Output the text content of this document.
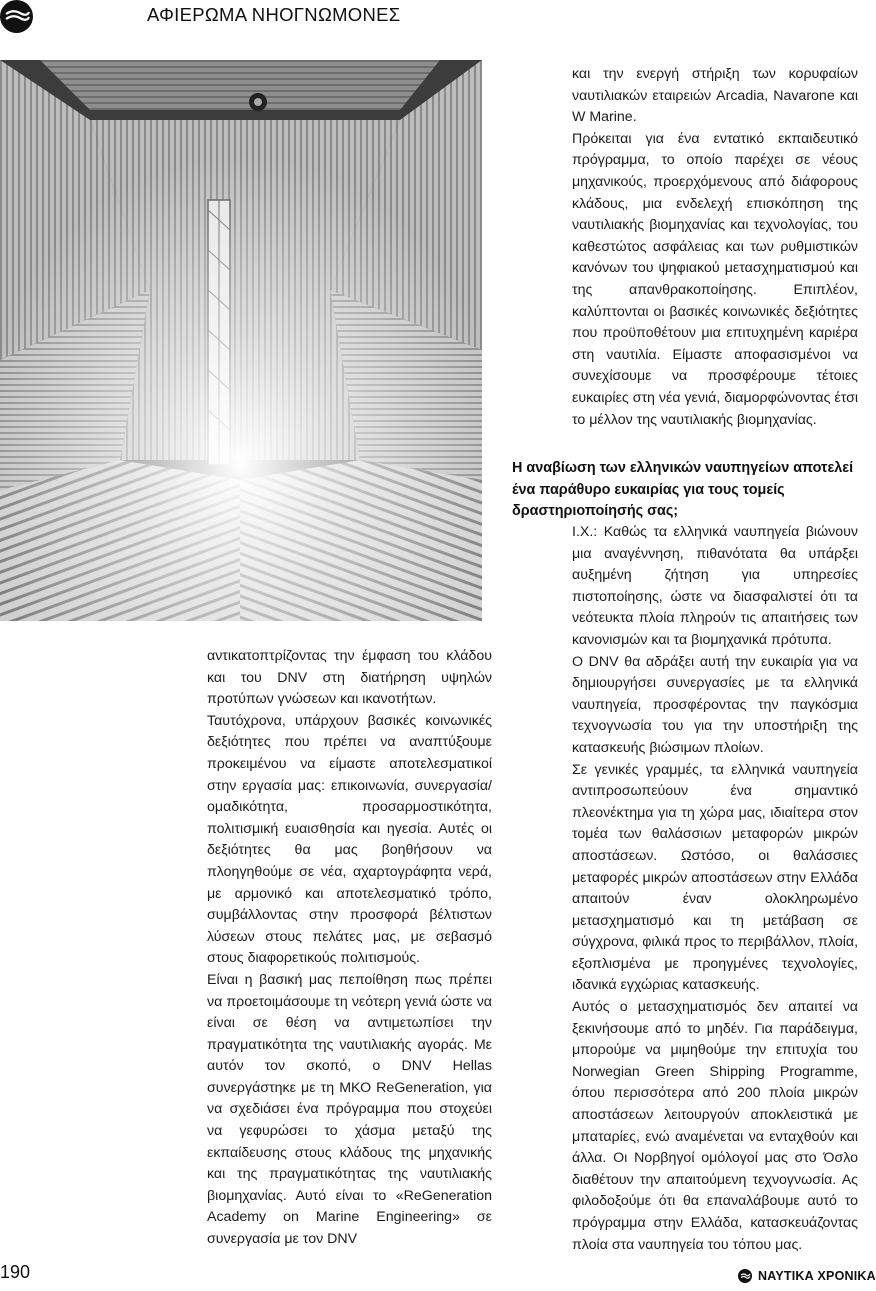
ΑΦΙΕΡΩΜΑ ΝΗΟΓΝΩΜΟΝΕΣ

αντικατοπτρίζοντας την έμφαση του κλάδου και του DNV στη διατήρηση υψηλών προτύπων γνώσεων και ικανοτήτων.

Ταυτόχρονα, υπάρχουν βασικές κοινωνικές δεξιότητες που πρέπει να αναπτύξουμε προκειμένου να είμαστε αποτελεσματικοί στην εργασία μας: επικοινωνία, συνεργασία/ομαδικότητα, προσαρμοστικότητα, πολιτισμική ευαισθησία και ηγεσία. Αυτές οι δεξιότητες θα μας βοηθήσουν να πλοηγηθούμε σε νέα, αχαρτογράφητα νερά, με αρμονικό και αποτελεσματικό τρόπο, συμβάλλοντας στην προσφορά βέλτιστων λύσεων στους πελάτες μας, με σεβασμό στους διαφορετικούς πολιτισμούς.

Είναι η βασική μας πεποίθηση πως πρέπει να προετοιμάσουμε τη νεότερη γενιά ώστε να είναι σε θέση να αντιμετωπίσει την πραγματικότητα της ναυτιλιακής αγοράς. Με αυτόν τον σκοπό, ο DNV Hellas συνεργάστηκε με τη ΜΚΟ ReGeneration, για να σχεδιάσει ένα πρόγραμμα που στοχεύει να γεφυρώσει το χάσμα μεταξύ της εκπαίδευσης στους κλάδους της μηχανικής και της πραγματικότητας της ναυτιλιακής βιομηχανίας. Αυτό είναι το «ReGeneration Academy on Marine Engineering» σε συνεργασία με τον DNV

και την ενεργή στήριξη των κορυφαίων ναυτιλιακών εταιρειών Arcadia, Navarone και W Marine.

Πρόκειται για ένα εντατικό εκπαιδευτικό πρόγραμμα, το οποίο παρέχει σε νέους μηχανικούς, προερχόμενους από διάφορους κλάδους, μια ενδελεχή επισκόπηση της ναυτιλιακής βιομηχανίας και τεχνολογίας, του καθεστώτος ασφάλειας και των ρυθμιστικών κανόνων του ψηφιακού μετασχηματισμού και της απανθρακοποίησης. Επιπλέον, καλύπτονται οι βασικές κοινωνικές δεξιότητες που προϋποθέτουν μια επιτυχημένη καριέρα στη ναυτιλία. Είμαστε αποφασισμένοι να συνεχίσουμε να προσφέρουμε τέτοιες ευκαιρίες στη νέα γενιά, διαμορφώνοντας έτσι το μέλλον της ναυτιλιακής βιομηχανίας.

Η αναβίωση των ελληνικών ναυπηγείων αποτελεί ένα παράθυρο ευκαιρίας για τους τομείς δραστηριοποίησής σας;

Ι.Χ.: Καθώς τα ελληνικά ναυπηγεία βιώνουν μια αναγέννηση, πιθανότατα θα υπάρξει αυξημένη ζήτηση για υπηρεσίες πιστοποίησης, ώστε να διασφαλιστεί ότι τα νεότευκτα πλοία πληρούν τις απαιτήσεις των κανονισμών και τα βιομηχανικά πρότυπα.

Ο DNV θα αδράξει αυτή την ευκαιρία για να δημιουργήσει συνεργασίες με τα ελληνικά ναυπηγεία, προσφέροντας την παγκόσμια τεχνογνωσία του για την υποστήριξη της κατασκευής βιώσιμων πλοίων.

Σε γενικές γραμμές, τα ελληνικά ναυπηγεία αντιπροσωπεύουν ένα σημαντικό πλεονέκτημα για τη χώρα μας, ιδιαίτερα στον τομέα των θαλάσσιων μεταφορών μικρών αποστάσεων. Ωστόσο, οι θαλάσσιες μεταφορές μικρών αποστάσεων στην Ελλάδα απαιτούν έναν ολοκληρωμένο μετασχηματισμό και τη μετάβαση σε σύγχρονα, φιλικά προς το περιβάλλον, πλοία, εξοπλισμένα με προηγμένες τεχνολογίες, ιδανικά εγχώριας κατασκευής.

Αυτός ο μετασχηματισμός δεν απαιτεί να ξεκινήσουμε από το μηδέν. Για παράδειγμα, μπορούμε να μιμηθούμε την επιτυχία του Norwegian Green Shipping Programme, όπου περισσότερα από 200 πλοία μικρών αποστάσεων λειτουργούν αποκλειστικά με μπαταρίες, ενώ αναμένεται να ενταχθούν και άλλα. Οι Νορβηγοί ομόλογοί μας στο Όσλο διαθέτουν την απαιτούμενη τεχνογνωσία. Ας φιλοδοξούμε ότι θα επαναλάβουμε αυτό το πρόγραμμα στην Ελλάδα, κατασκευάζοντας πλοία στα ναυπηγεία του τόπου μας.

190	ΝΑΥΤΙΚΑ ΧΡΟΝΙΚΑ
